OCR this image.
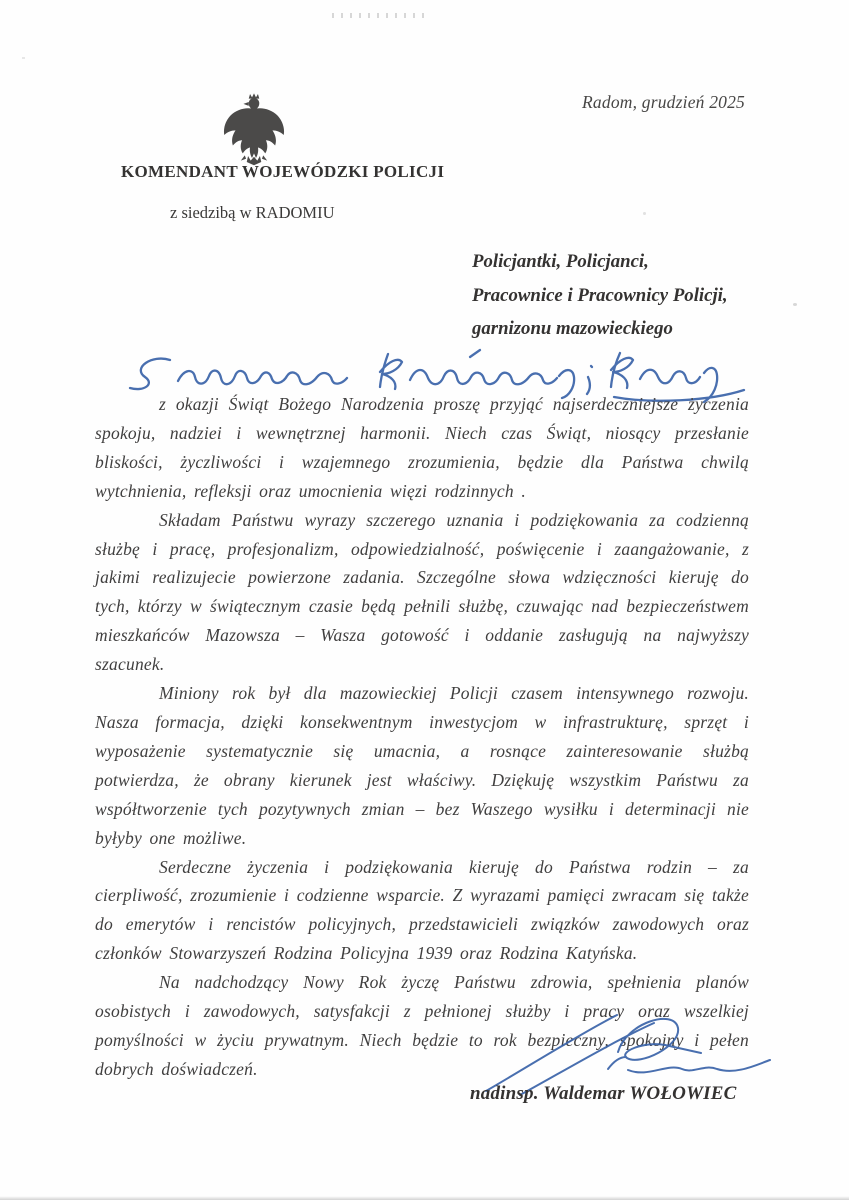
Radom, grudzień 2025
KOMENDANT WOJEWÓDZKI POLICJI
z siedzibą w RADOMIU
Policjantki, Policjanci,
Pracownice i Pracownicy Policji,
garnizonu mazowieckiego

z okazji Świąt Bożego Narodzenia proszę przyjąć najserdeczniejsze życzenia spokoju, nadziei i wewnętrznej harmonii. Niech czas Świąt, niosący przesłanie bliskości, życzliwości i wzajemnego zrozumienia, będzie dla Państwa chwilą wytchnienia, refleksji oraz umocnienia więzi rodzinnych .

Składam Państwu wyrazy szczerego uznania i podziękowania za codzienną służbę i pracę, profesjonalizm, odpowiedzialność, poświęcenie i zaangażowanie, z jakimi realizujecie powierzone zadania. Szczególne słowa wdzięczności kieruję do tych, którzy w świątecznym czasie będą pełnili służbę, czuwając nad bezpieczeństwem mieszkańców Mazowsza – Wasza gotowość i oddanie zasługują na najwyższy szacunek.

Miniony rok był dla mazowieckiej Policji czasem intensywnego rozwoju. Nasza formacja, dzięki konsekwentnym inwestycjom w infrastrukturę, sprzęt i wyposażenie systematycznie się umacnia, a rosnące zainteresowanie służbą potwierdza, że obrany kierunek jest właściwy. Dziękuję wszystkim Państwu za współtworzenie tych pozytywnych zmian – bez Waszego wysiłku i determinacji nie byłyby one możliwe.

Serdeczne życzenia i podziękowania kieruję do Państwa rodzin – za cierpliwość, zrozumienie i codzienne wsparcie. Z wyrazami pamięci zwracam się także do emerytów i rencistów policyjnych, przedstawicieli związków zawodowych oraz członków Stowarzyszeń Rodzina Policyjna 1939 oraz Rodzina Katyńska.

Na nadchodzący Nowy Rok życzę Państwu zdrowia, spełnienia planów osobistych i zawodowych, satysfakcji z pełnionej służby i pracy oraz wszelkiej pomyślności w życiu prywatnym. Niech będzie to rok bezpieczny, spokojny i pełen dobrych doświadczeń.

nadinsp. Waldemar WOŁOWIEC
